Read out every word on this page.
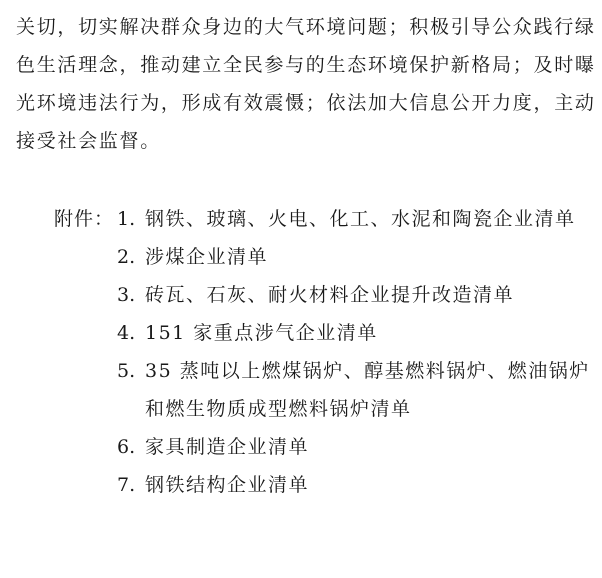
关切，切实解决群众身边的大气环境问题；积极引导公众践行绿
色生活理念，推动建立全民参与的生态环境保护新格局；及时曝
光环境违法行为，形成有效震慑；依法加大信息公开力度，主动
接受社会监督。
附件： 1. 钢铁、玻璃、火电、化工、水泥和陶瓷企业清单
2. 涉煤企业清单
3. 砖瓦、石灰、耐火材料企业提升改造清单
4. 151 家重点涉气企业清单
5. 35 蒸吨以上燃煤锅炉、醇基燃料锅炉、燃油锅炉
和燃生物质成型燃料锅炉清单
6. 家具制造企业清单
7. 钢铁结构企业清单
